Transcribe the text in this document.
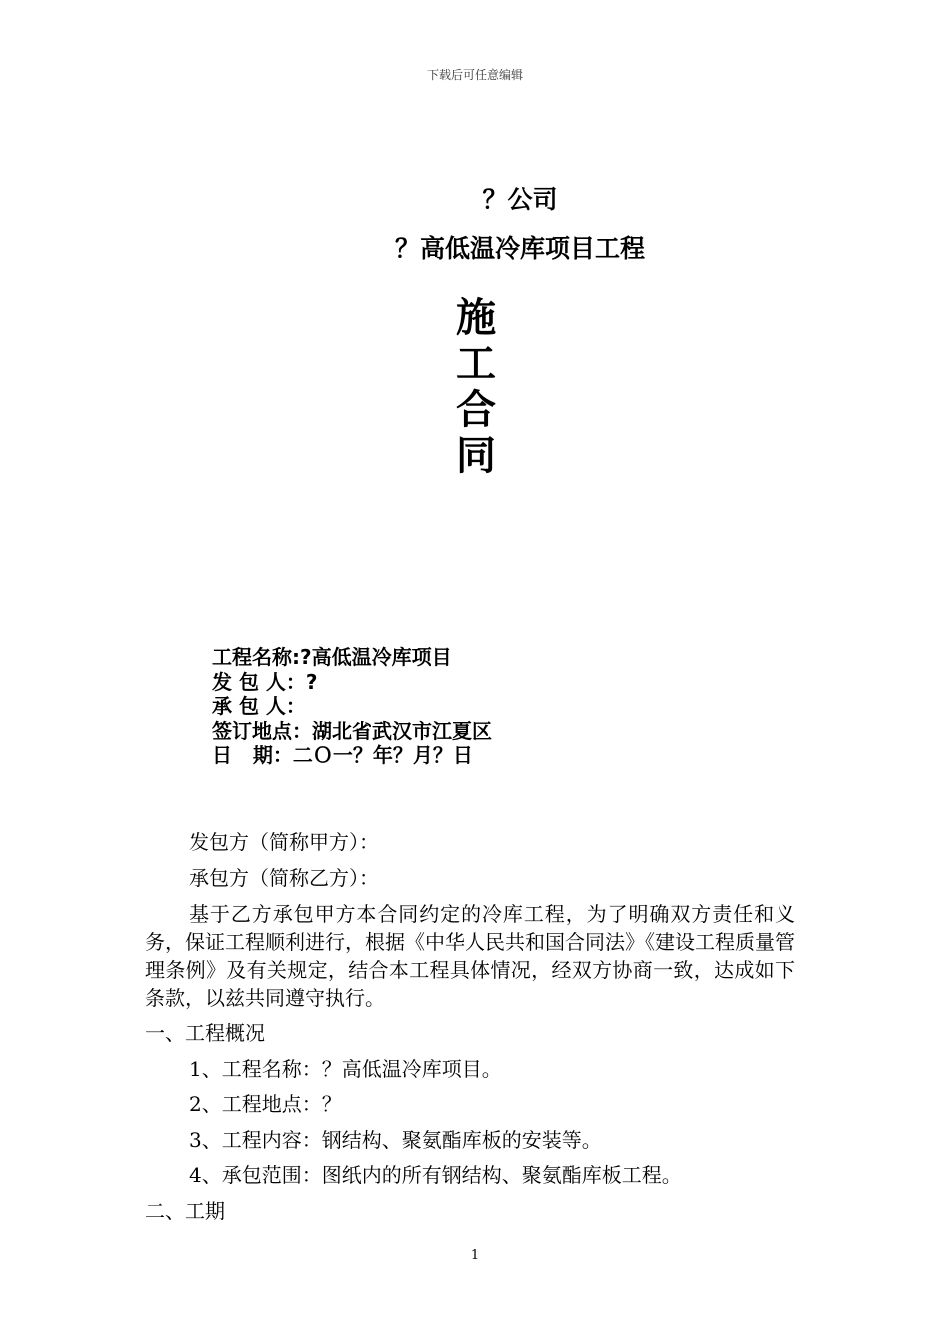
下载后可任意编辑
？公司
？高低温冷库项目工程
施
工
合
同
工程名称:?高低温冷库项目
发 包 人：?
承 包 人：
签订地点：湖北省武汉市江夏区
日   期：二Ｏ一？年？月？日
发包方（简称甲方）：
承包方（简称乙方）：
基于乙方承包甲方本合同约定的冷库工程，为了明确双方责任和义务，保证工程顺利进行，根据《中华人民共和国合同法》《建设工程质量管理条例》及有关规定，结合本工程具体情况，经双方协商一致，达成如下条款，以兹共同遵守执行。
一、工程概况
1、工程名称：？高低温冷库项目。
2、工程地点：？
3、工程内容：钢结构、聚氨酯库板的安装等。
4、承包范围：图纸内的所有钢结构、聚氨酯库板工程。
二、工期
1
